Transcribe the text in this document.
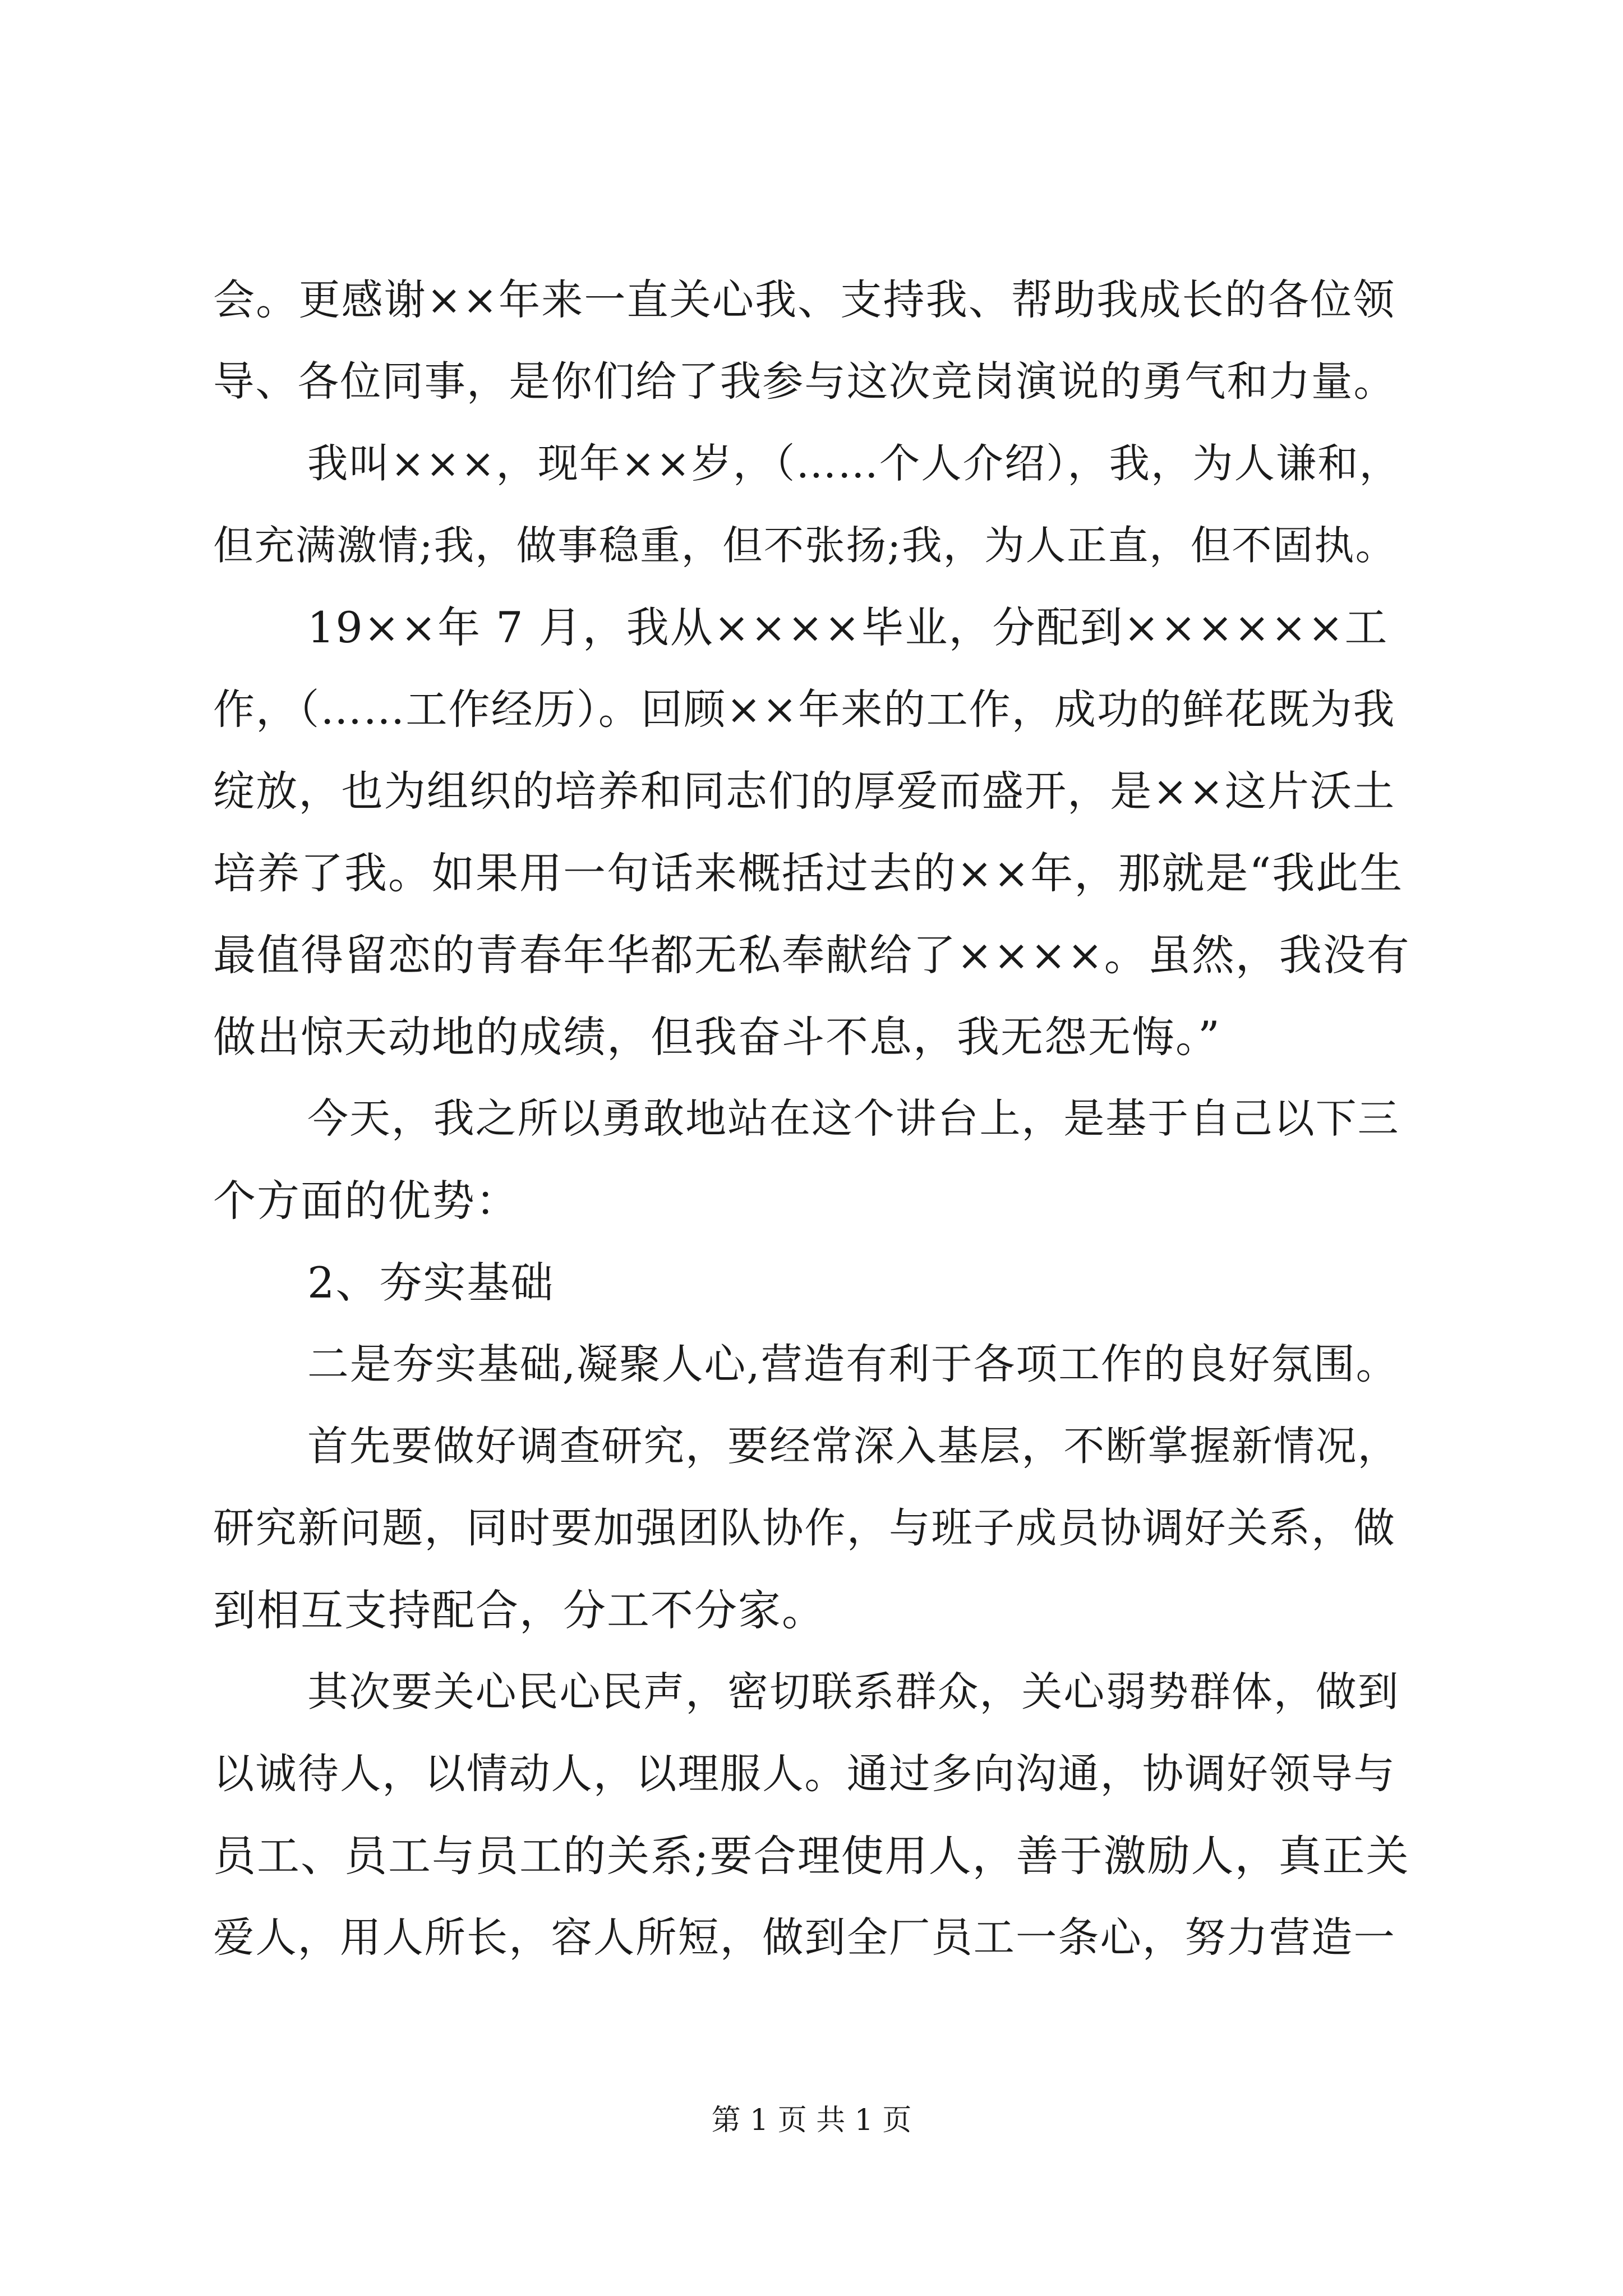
会。更感谢××年来一直关心我、支持我、帮助我成长的各位领
导、各位同事，是你们给了我参与这次竞岗演说的勇气和力量。
我叫×××，现年××岁，（……个人介绍），我，为人谦和，
但充满激情;我，做事稳重，但不张扬;我，为人正直，但不固执。
19××年 7 月，我从××××毕业，分配到××××××工
作，（……工作经历）。回顾××年来的工作，成功的鲜花既为我
绽放，也为组织的培养和同志们的厚爱而盛开，是××这片沃土
培养了我。如果用一句话来概括过去的××年，那就是“我此生
最值得留恋的青春年华都无私奉献给了××××。虽然，我没有
做出惊天动地的成绩，但我奋斗不息，我无怨无悔。”
今天，我之所以勇敢地站在这个讲台上，是基于自己以下三
个方面的优势：
2、夯实基础
二是夯实基础,凝聚人心,营造有利于各项工作的良好氛围。
首先要做好调查研究，要经常深入基层，不断掌握新情况，
研究新问题，同时要加强团队协作，与班子成员协调好关系，做
到相互支持配合，分工不分家。
其次要关心民心民声，密切联系群众，关心弱势群体，做到
以诚待人，以情动人，以理服人。通过多向沟通，协调好领导与
员工、员工与员工的关系;要合理使用人，善于激励人，真正关
爱人，用人所长，容人所短，做到全厂员工一条心，努力营造一
第 1 页 共 1 页
